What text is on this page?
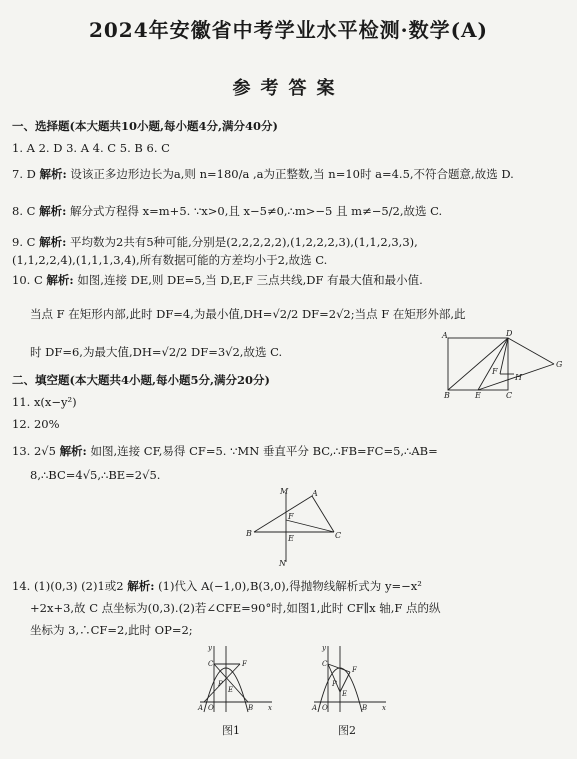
2024年安徽省中考学业水平检测·数学(A)
参考答案
一、选择题(本大题共10小题,每小题4分,满分40分)
1. A 2. D 3. A 4. C 5. B 6. C
7. D 解析: 设该正多边形边长为a,则 n=180/a ,a为正整数,当 n=10时 a=4.5,不符合题意,故选 D.
8. C 解析: 解分式方程得 x=m+5. ∵x>0,且 x−5≠0,∴m>−5 且 m≠−5/2,故选 C.
9. C 解析: 平均数为2共有5种可能,分别是(2,2,2,2,2),(1,2,2,2,3),(1,1,2,3,3),
(1,1,2,2,4),(1,1,1,3,4),所有数据可能的方差均小于2,故选 C.
10. C 解析: 如图,连接 DE,则 DE=5,当 D,E,F 三点共线,DF 有最大值和最小值.
当点 F 在矩形内部,此时 DF=4,为最小值,DH=√2/2 DF=2√2;当点 F 在矩形外部,此
时 DF=6,为最大值,DH=√2/2 DF=3√2,故选 C.
A	D
G
F
H
B	E	C
二、填空题(本大题共4小题,每小题5分,满分20分)
11. x(x−y²)
12. 20%
13. 2√5 解析: 如图,连接 CF,易得 CF=5. ∵MN 垂直平分 BC,∴FB=FC=5,∴AB=
8,∴BC=4√5,∴BE=2√5.
M	A
F
B
E	C
N
14. (1)(0,3) (2)1或2 解析: (1)代入 A(−1,0),B(3,0),得抛物线解析式为 y=−x²
+2x+3,故 C 点坐标为(0,3).(2)若∠CFE=90°时,如图1,此时 CF∥x 轴,F 点的纵
坐标为 3,∴CF=2,此时 OP=2;
y
C	F
P
E
A O	B x
图1
y
C
F
P
E
A O	B x
图2
